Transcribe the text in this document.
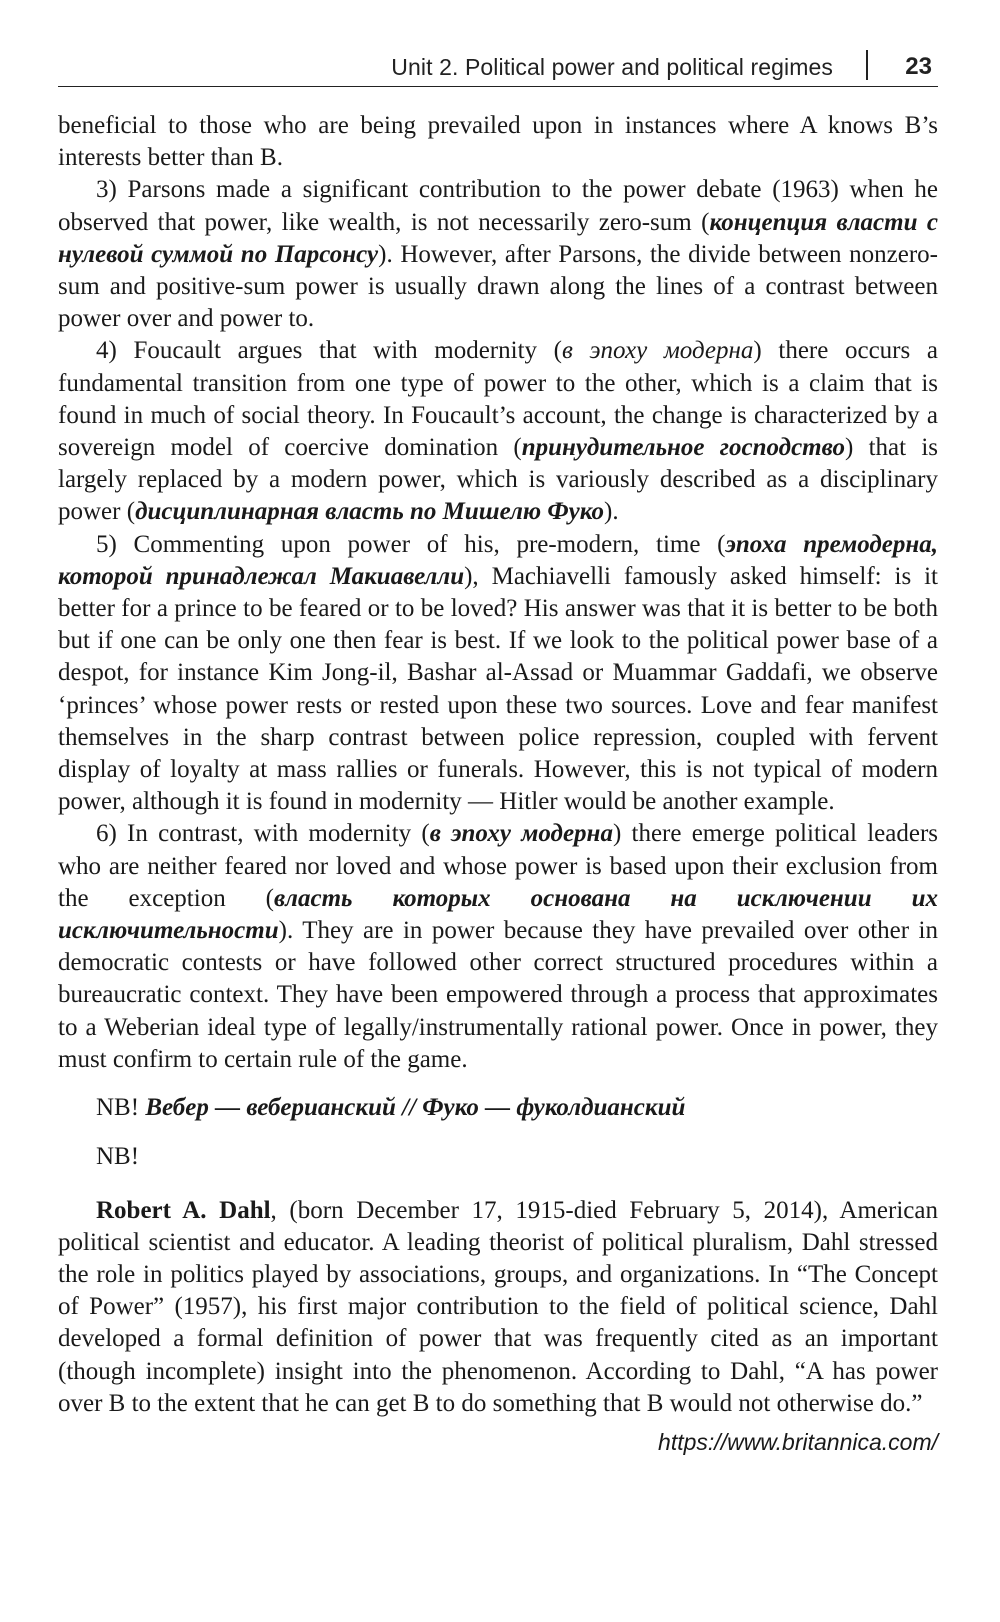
Unit 2. Political power and political regimes	23

beneficial to those who are being prevailed upon in instances where A knows B’s interests better than B.

3) Parsons made a significant contribution to the power debate (1963) when he observed that power, like wealth, is not necessarily zero-sum (концепция власти с нулевой суммой по Парсонсу). However, after Parsons, the divide between nonzero-sum and positive-sum power is usually drawn along the lines of a contrast between power over and power to.

4) Foucault argues that with modernity (в эпоху модерна) there occurs a fundamental transition from one type of power to the other, which is a claim that is found in much of social theory. In Foucault’s account, the change is characterized by a sovereign model of coercive domination (принудительное господство) that is largely replaced by a modern power, which is variously described as a disciplinary power (дисциплинарная власть по Мишелю Фуко).

5) Commenting upon power of his, pre-modern, time (эпоха премодерна, которой принадлежал Макиавелли), Machiavelli famously asked himself: is it better for a prince to be feared or to be loved? His answer was that it is better to be both but if one can be only one then fear is best. If we look to the political power base of a despot, for instance Kim Jong-il, Bashar al-Assad or Muammar Gaddafi, we observe ‘princes’ whose power rests or rested upon these two sources. Love and fear manifest themselves in the sharp contrast between police repression, coupled with fervent display of loyalty at mass rallies or funerals. However, this is not typical of modern power, although it is found in modernity — Hitler would be another example.

6) In contrast, with modernity (в эпоху модерна) there emerge political leaders who are neither feared nor loved and whose power is based upon their exclusion from the exception (власть которых основана на исключении их исключительности). They are in power because they have prevailed over other in democratic contests or have followed other correct structured procedures within a bureaucratic context. They have been empowered through a process that approximates to a Weberian ideal type of legally/instrumentally rational power. Once in power, they must confirm to certain rule of the game.

NB! Вебер — веберианский // Фуко — фуколдианский

NB!

Robert A. Dahl, (born December 17, 1915-died February 5, 2014), American political scientist and educator. A leading theorist of political pluralism, Dahl stressed the role in politics played by associations, groups, and organizations. In “The Concept of Power” (1957), his first major contribution to the field of political science, Dahl developed a formal definition of power that was frequently cited as an important (though incomplete) insight into the phenomenon. According to Dahl, “A has power over B to the extent that he can get B to do something that B would not otherwise do.”

https://www.britannica.com/
